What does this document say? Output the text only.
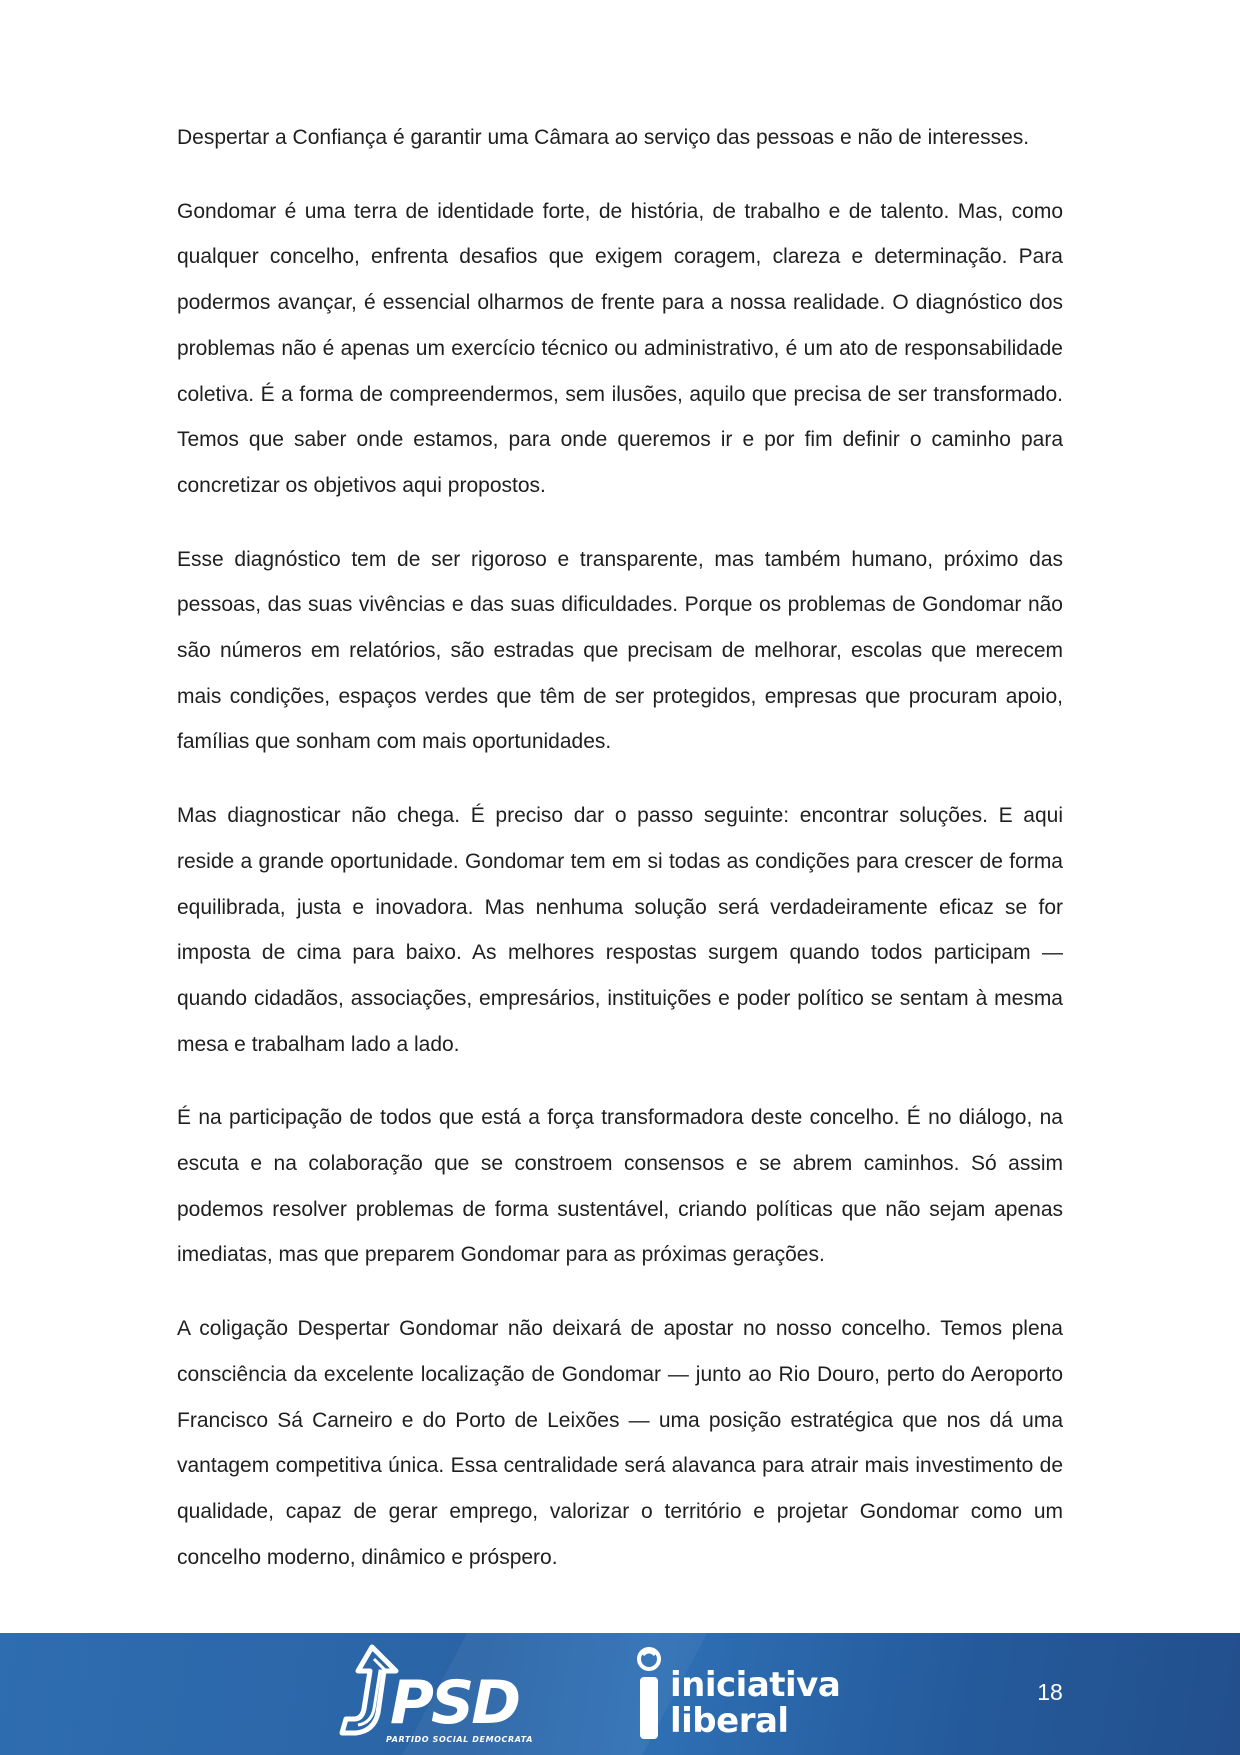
Despertar a Confiança é garantir uma Câmara ao serviço das pessoas e não de interesses.

Gondomar é uma terra de identidade forte, de história, de trabalho e de talento. Mas, como qualquer concelho, enfrenta desafios que exigem coragem, clareza e determinação. Para podermos avançar, é essencial olharmos de frente para a nossa realidade. O diagnóstico dos problemas não é apenas um exercício técnico ou administrativo, é um ato de responsabilidade coletiva. É a forma de compreendermos, sem ilusões, aquilo que precisa de ser transformado. Temos que saber onde estamos, para onde queremos ir e por fim definir o caminho para concretizar os objetivos aqui propostos.

Esse diagnóstico tem de ser rigoroso e transparente, mas também humano, próximo das pessoas, das suas vivências e das suas dificuldades. Porque os problemas de Gondomar não são números em relatórios, são estradas que precisam de melhorar, escolas que merecem mais condições, espaços verdes que têm de ser protegidos, empresas que procuram apoio, famílias que sonham com mais oportunidades.

Mas diagnosticar não chega. É preciso dar o passo seguinte: encontrar soluções. E aqui reside a grande oportunidade. Gondomar tem em si todas as condições para crescer de forma equilibrada, justa e inovadora. Mas nenhuma solução será verdadeiramente eficaz se for imposta de cima para baixo. As melhores respostas surgem quando todos participam — quando cidadãos, associações, empresários, instituições e poder político se sentam à mesma mesa e trabalham lado a lado.

É na participação de todos que está a força transformadora deste concelho. É no diálogo, na escuta e na colaboração que se constroem consensos e se abrem caminhos. Só assim podemos resolver problemas de forma sustentável, criando políticas que não sejam apenas imediatas, mas que preparem Gondomar para as próximas gerações.

A coligação Despertar Gondomar não deixará de apostar no nosso concelho. Temos plena consciência da excelente localização de Gondomar — junto ao Rio Douro, perto do Aeroporto Francisco Sá Carneiro e do Porto de Leixões — uma posição estratégica que nos dá uma vantagem competitiva única. Essa centralidade será alavanca para atrair mais investimento de qualidade, capaz de gerar emprego, valorizar o território e projetar Gondomar como um concelho moderno, dinâmico e próspero.

PSD
PARTIDO SOCIAL DEMOCRATA
iniciativa
liberal
18
